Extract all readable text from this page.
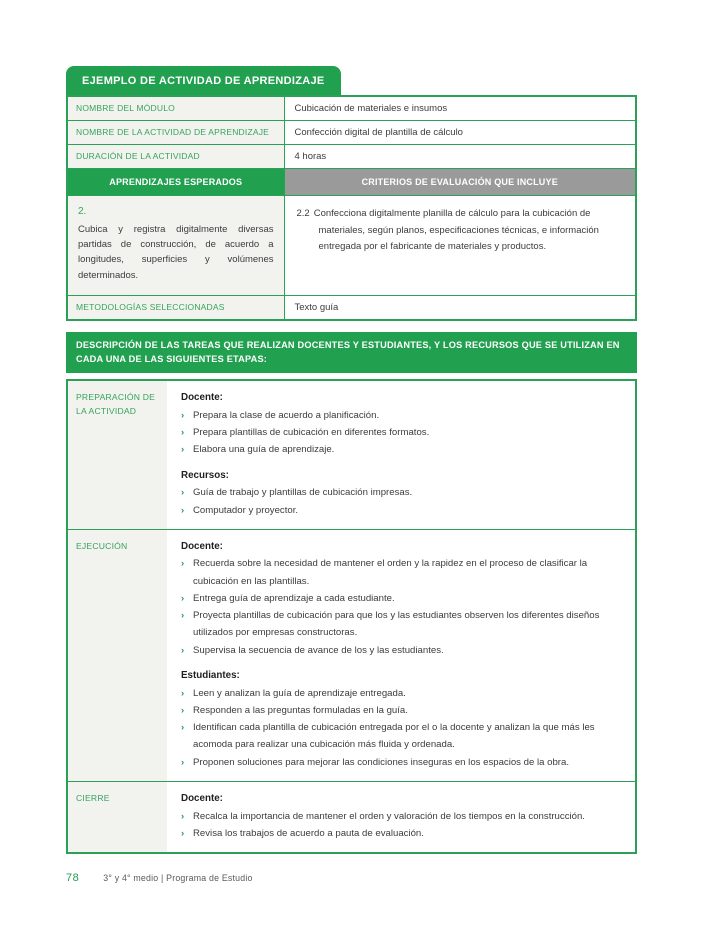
EJEMPLO DE ACTIVIDAD DE APRENDIZAJE
NOMBRE DEL MÓDULO	Cubicación de materiales e insumos
NOMBRE DE LA ACTIVIDAD DE APRENDIZAJE	Confección digital de plantilla de cálculo
DURACIÓN DE LA ACTIVIDAD	4 horas
APRENDIZAJES ESPERADOS	CRITERIOS DE EVALUACIÓN QUE INCLUYE

2.
Cubica y registra digitalmente diversas partidas de construcción, de acuerdo a longitudes, superficies y volúmenes determinados.	2.2 Confecciona digitalmente planilla de cálculo para la cubicación de materiales, según planos, especificaciones técnicas, e información entregada por el fabricante de materiales y productos.

METODOLOGÍAS SELECCIONADAS	Texto guía
DESCRIPCIÓN DE LAS TAREAS QUE REALIZAN DOCENTES Y ESTUDIANTES, Y LOS RECURSOS QUE SE UTILIZAN EN CADA UNA DE LAS SIGUIENTES ETAPAS:
PREPARACIÓN DE LA ACTIVIDAD	
Docente:
› Prepara la clase de acuerdo a planificación.
› Prepara plantillas de cubicación en diferentes formatos.
› Elabora una guía de aprendizaje.
Recursos:
› Guía de trabajo y plantillas de cubicación impresas.
› Computador y proyector.

EJECUCIÓN	Docente:
› Recuerda sobre la necesidad de mantener el orden y la rapidez en el proceso de clasificar la cubicación en las plantillas.
› Entrega guía de aprendizaje a cada estudiante.
› Proyecta plantillas de cubicación para que los y las estudiantes observen los diferentes diseños utilizados por empresas constructoras.
› Supervisa la secuencia de avance de los y las estudiantes.
Estudiantes:
› Leen y analizan la guía de aprendizaje entregada.
› Responden a las preguntas formuladas en la guía.
› Identifican cada plantilla de cubicación entregada por el o la docente y analizan la que más les acomoda para realizar una cubicación más fluida y ordenada.
› Proponen soluciones para mejorar las condiciones inseguras en los espacios de la obra.

CIERRE	Docente:
› Recalca la importancia de mantener el orden y valoración de los tiempos en la construcción.
› Revisa los trabajos de acuerdo a pauta de evaluación.
78	3° y 4° medio | Programa de Estudio
